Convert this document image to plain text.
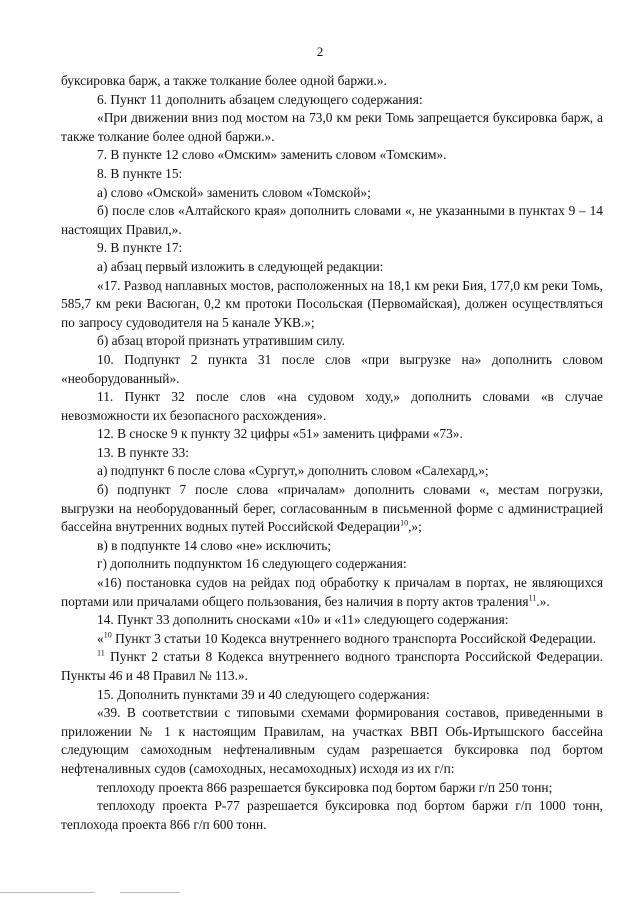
2

буксировка барж, а также толкание более одной баржи.».

6. Пункт 11 дополнить абзацем следующего содержания:

«При движении вниз под мостом на 73,0 км реки Томь запрещается буксировка барж, а также толкание более одной баржи.».

7. В пункте 12 слово «Омским» заменить словом «Томским».

8. В пункте 15:

а) слово «Омской» заменить словом «Томской»;

б) после слов «Алтайского края» дополнить словами «, не указанными в пунктах 9 – 14 настоящих Правил,».

9. В пункте 17:

а) абзац первый изложить в следующей редакции:

«17. Развод наплавных мостов, расположенных на 18,1 км реки Бия, 177,0 км реки Томь, 585,7 км реки Васюган, 0,2 км протоки Посольская (Первомайская), должен осуществляться по запросу судоводителя на 5 канале УКВ.»;

б) абзац второй признать утратившим силу.

10. Подпункт 2 пункта 31 после слов «при выгрузке на» дополнить словом «необорудованный».

11. Пункт 32 после слов «на судовом ходу,» дополнить словами «в случае невозможности их безопасного расхождения».

12. В сноске 9 к пункту 32 цифры «51» заменить цифрами «73».

13. В пункте 33:

а) подпункт 6 после слова «Сургут,» дополнить словом «Салехард,»;

б) подпункт 7 после слова «причалам» дополнить словами «, местам погрузки, выгрузки на необорудованный берег, согласованным в письменной форме с администрацией бассейна внутренних водных путей Российской Федерации$^{10}$,»;

в) в подпункте 14 слово «не» исключить;

г) дополнить подпунктом 16 следующего содержания:

«16) постановка судов на рейдах под обработку к причалам в портах, не являющихся портами или причалами общего пользования, без наличия в порту актов траления$^{11}$.».

14. Пункт 33 дополнить сносками «10» и «11» следующего содержания:

«$^{10}$ Пункт 3 статьи 10 Кодекса внутреннего водного транспорта Российской Федерации.

$^{11}$ Пункт 2 статьи 8 Кодекса внутреннего водного транспорта Российской Федерации. Пункты 46 и 48 Правил № 113.».

15. Дополнить пунктами 39 и 40 следующего содержания:

«39. В соответствии с типовыми схемами формирования составов, приведенными в приложении № 1 к настоящим Правилам, на участках ВВП Обь-Иртышского бассейна следующим самоходным нефтеналивным судам разрешается буксировка под бортом нефтеналивных судов (самоходных, несамоходных) исходя из их г/п:

теплоходу проекта 866 разрешается буксировка под бортом баржи г/п 250 тонн;

теплоходу проекта Р-77 разрешается буксировка под бортом баржи г/п 1000 тонн, теплохода проекта 866 г/п 600 тонн.
